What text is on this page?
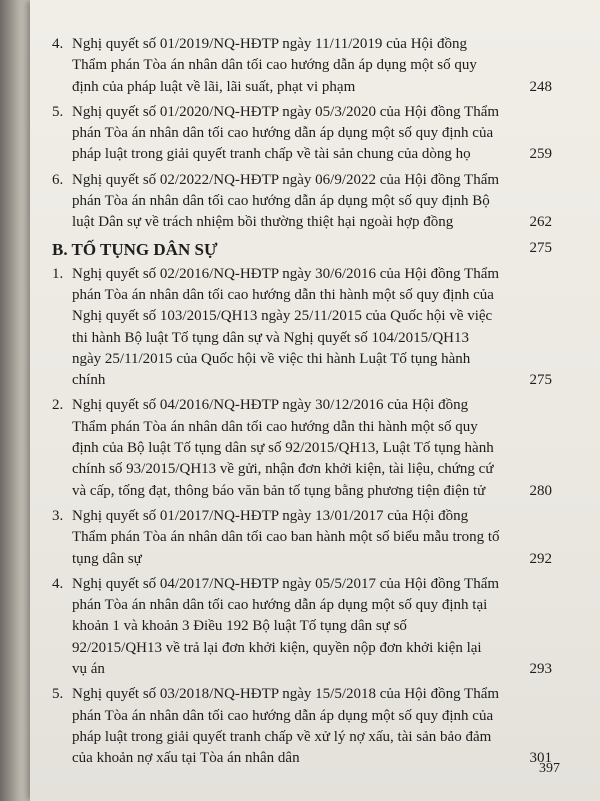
4. Nghị quyết số 01/2019/NQ-HĐTP ngày 11/11/2019 của Hội đồng Thẩm phán Tòa án nhân dân tối cao hướng dẫn áp dụng một số quy định của pháp luật về lãi, lãi suất, phạt vi phạm	248
5. Nghị quyết số 01/2020/NQ-HĐTP ngày 05/3/2020 của Hội đồng Thẩm phán Tòa án nhân dân tối cao hướng dẫn áp dụng một số quy định của pháp luật trong giải quyết tranh chấp về tài sản chung của dòng họ	259
6. Nghị quyết số 02/2022/NQ-HĐTP ngày 06/9/2022 của Hội đồng Thẩm phán Tòa án nhân dân tối cao hướng dẫn áp dụng một số quy định Bộ luật Dân sự về trách nhiệm bồi thường thiệt hại ngoài hợp đồng	262
B. TỐ TỤNG DÂN SỰ	275
1. Nghị quyết số 02/2016/NQ-HĐTP ngày 30/6/2016 của Hội đồng Thẩm phán Tòa án nhân dân tối cao hướng dẫn thi hành một số quy định của Nghị quyết số 103/2015/QH13 ngày 25/11/2015 của Quốc hội về việc thi hành Bộ luật Tố tụng dân sự và Nghị quyết số 104/2015/QH13 ngày 25/11/2015 của Quốc hội về việc thi hành Luật Tố tụng hành chính	275
2. Nghị quyết số 04/2016/NQ-HĐTP ngày 30/12/2016 của Hội đồng Thẩm phán Tòa án nhân dân tối cao hướng dẫn thi hành một số quy định của Bộ luật Tố tụng dân sự số 92/2015/QH13, Luật Tố tụng hành chính số 93/2015/QH13 về gửi, nhận đơn khởi kiện, tài liệu, chứng cứ và cấp, tống đạt, thông báo văn bản tố tụng bằng phương tiện điện tử	280
3. Nghị quyết số 01/2017/NQ-HĐTP ngày 13/01/2017 của Hội đồng Thẩm phán Tòa án nhân dân tối cao ban hành một số biểu mẫu trong tố tụng dân sự	292
4. Nghị quyết số 04/2017/NQ-HĐTP ngày 05/5/2017 của Hội đồng Thẩm phán Tòa án nhân dân tối cao hướng dẫn áp dụng một số quy định tại khoản 1 và khoản 3 Điều 192 Bộ luật Tố tụng dân sự số 92/2015/QH13 về trả lại đơn khởi kiện, quyền nộp đơn khởi kiện lại vụ án	293
5. Nghị quyết số 03/2018/NQ-HĐTP ngày 15/5/2018 của Hội đồng Thẩm phán Tòa án nhân dân tối cao hướng dẫn áp dụng một số quy định của pháp luật trong giải quyết tranh chấp về xử lý nợ xấu, tài sản bảo đảm của khoản nợ xấu tại Tòa án nhân dân	301
397
